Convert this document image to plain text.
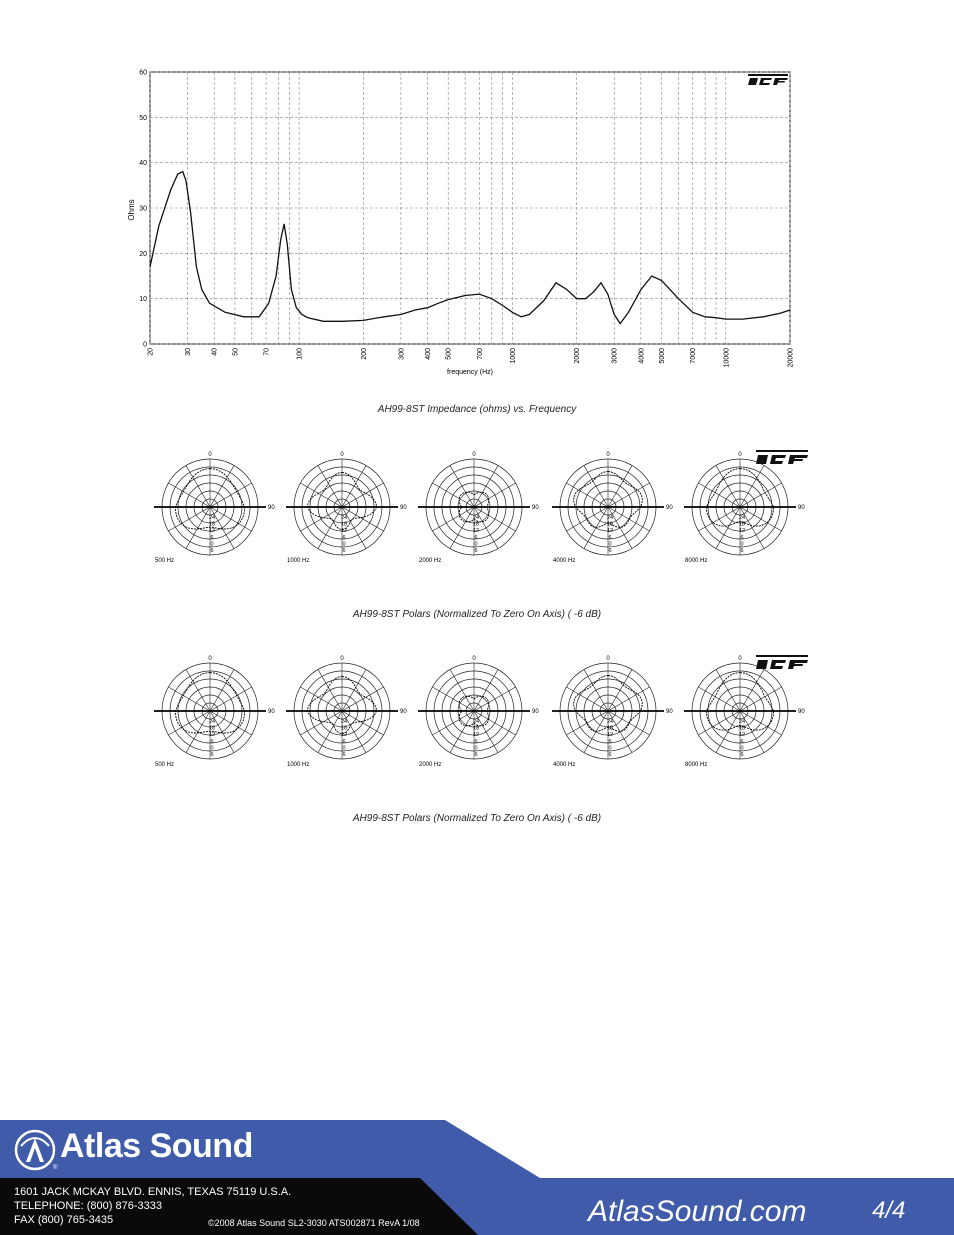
0
10
20
30
40
50
60
20	30	40 50	70	100	200	300	400 500	700	1000	2000	3000	4000 5000	7000	10000	20000
Ohms
frequency (Hz)
AH99-8ST Impedance (ohms) vs. Frequency
0
90
24
18
12
6
0
6
500 Hz
0
90
24
18
12
6
0
6
1000 Hz
0
90
24
18
12
6
0
6
2000 Hz
0
90
24
18
12
6
0
6
4000 Hz
0
90
24
18
12
6
0
6
8000 Hz
AH99-8ST Polars (Normalized To Zero On Axis) ( -6 dB)
0
90
24
18
12
6
0
6
500 Hz
0
90
24
18
12
6
0
6
1000 Hz
0
90
24
18
12
6
0
6
2000 Hz
0
90
24
18
12
6
0
6
4000 Hz
0
90
24
18
12
6
0
6
8000 Hz
AH99-8ST Polars (Normalized To Zero On Axis) ( -6 dB)
®
Atlas Sound
1601 JACK MCKAY BLVD. ENNIS, TEXAS 75119 U.S.A.
TELEPHONE: (800) 876-3333
FAX (800) 765-3435	©2008 Atlas Sound SL2-3030 ATS002871 RevA 1/08	AtlasSound.com	4/4
